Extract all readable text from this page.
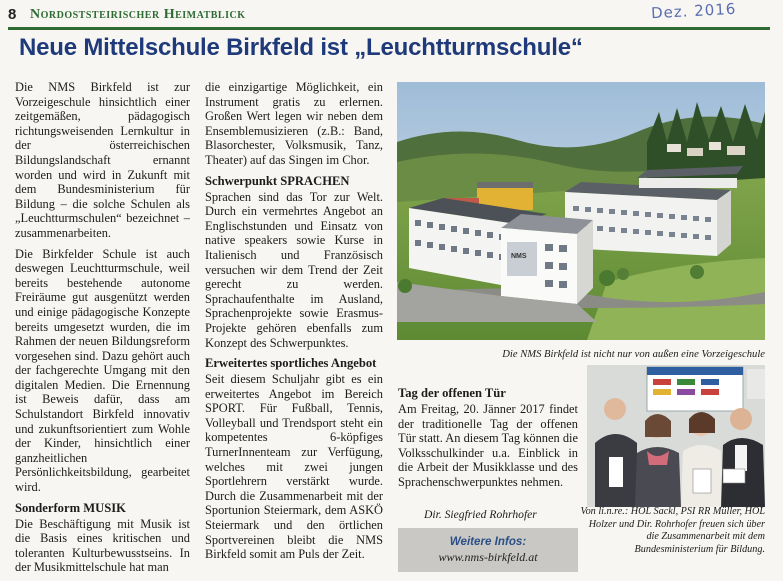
8 Nordoststeirischer Heimatblick	Dez. 2016
Neue Mittelschule Birkfeld ist „Leuchtturmschule“

Die NMS Birkfeld ist zur Vorzeigeschule hinsichtlich einer zeitgemäßen, pädagogisch richtungsweisenden Lernkultur in der österreichischen Bildungslandschaft ernannt worden und wird in Zukunft mit dem Bundesministerium für Bildung – die solche Schulen als „Leuchtturmschulen“ bezeichnet – zusammenarbeiten.

Die Birkfelder Schule ist auch deswegen Leuchtturmschule, weil bereits bestehende autonome Freiräume gut ausgenützt werden und einige pädagogische Konzepte bereits umgesetzt wurden, die im Rahmen der neuen Bildungsreform vorgesehen sind. Dazu gehört auch der fachgerechte Umgang mit den digitalen Medien. Die Ernennung ist Beweis dafür, dass am Schulstandort Birkfeld innovativ und zukunftsorientiert zum Wohle der Kinder, hinsichtlich einer ganzheitlichen Persönlichkeitsbildung, gearbeitet wird.

Sonderform MUSIK

Die Beschäftigung mit Musik ist die Basis eines kritischen und toleranten Kulturbewusstseins. In der Musikmittelschule hat man

die einzigartige Möglichkeit, ein Instrument gratis zu erlernen. Großen Wert legen wir neben dem Ensemblemusizieren (z.B.: Band, Blasorchester, Volksmusik, Tanz, Theater) auf das Singen im Chor.

Schwerpunkt SPRACHEN

Sprachen sind das Tor zur Welt. Durch ein vermehrtes Angebot an Englischstunden und Einsatz von native speakers sowie Kurse in Italienisch und Französisch versuchen wir dem Trend der Zeit gerecht zu werden. Sprachaufenthalte im Ausland, Sprachenprojekte sowie Erasmus-Projekte gehören ebenfalls zum Konzept des Schwerpunktes.

Erweitertes sportliches Angebot

Seit diesem Schuljahr gibt es ein erweitertes Angebot im Bereich SPORT. Für Fußball, Tennis, Volleyball und Trendsport steht ein kompetentes 6-köpfiges TurnerInnenteam zur Verfügung, welches mit zwei jungen Sportlehrern verstärkt wurde. Durch die Zusammenarbeit mit der Sportunion Steiermark, dem ASKÖ Steiermark und den örtlichen Sportvereinen bleibt die NMS Birkfeld somit am Puls der Zeit.

NMS
Die NMS Birkfeld ist nicht nur von außen eine Vorzeigeschule
Tag der offenen Tür

Am Freitag, 20. Jänner 2017 findet der traditionelle Tag der offenen Tür statt. An diesem Tag können die Volksschulkinder u.a. Einblick in die Arbeit der Musikklasse und des Sprachenschwerpunktes nehmen.

Dir. Siegfried Rohrhofer
Weitere Infos:
www.nms-birkfeld.at
Von li.n.re.: HOL Sackl, PSI RR Müller, HOL Holzer und Dir. Rohrhofer freuen sich über die Zusammenarbeit mit dem Bundesministerium für Bildung.
